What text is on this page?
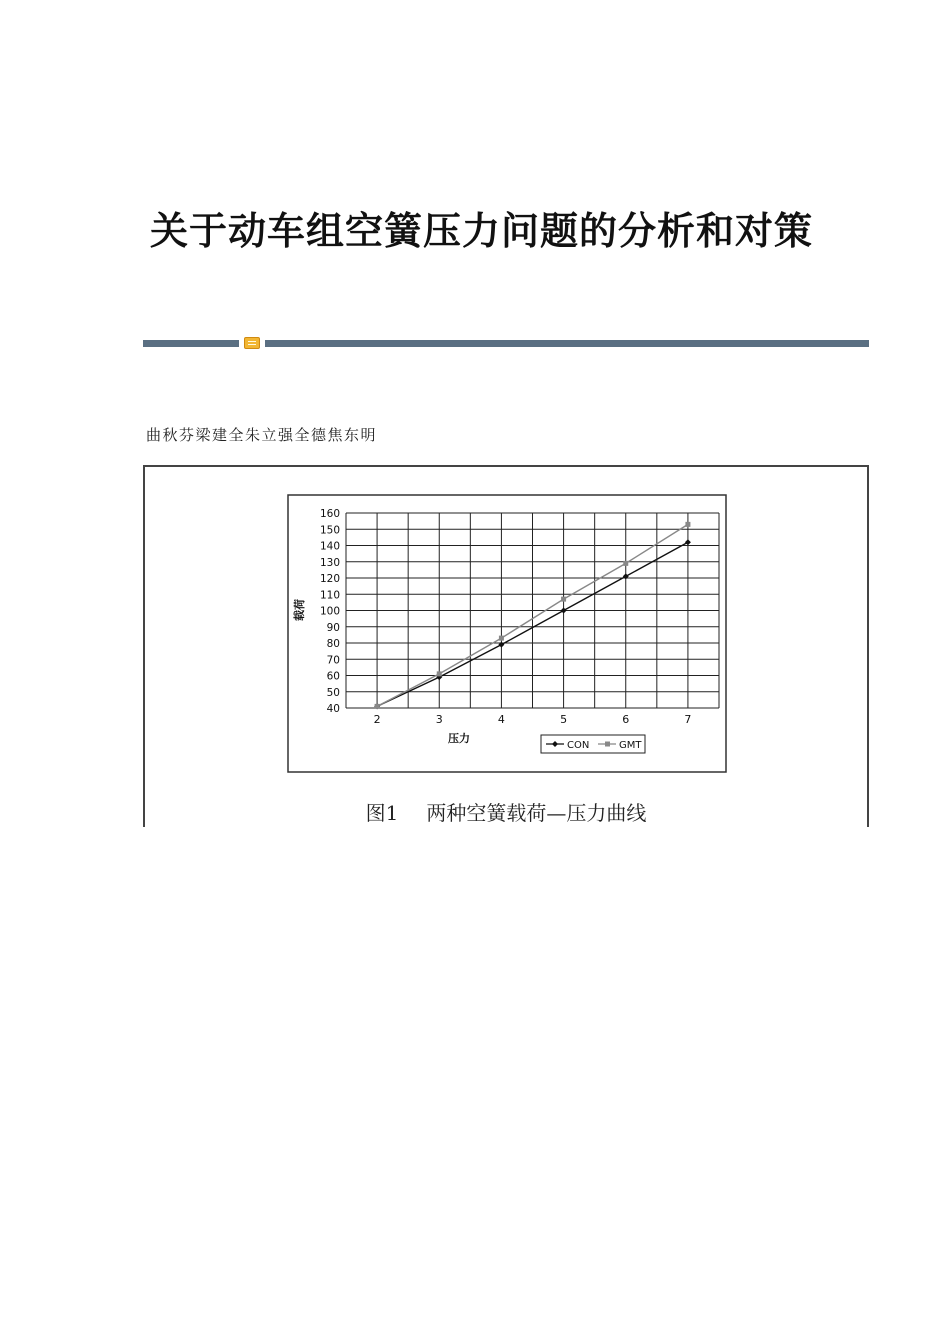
关于动车组空簧压力问题的分析和对策
曲秋芬梁建全朱立强全德焦东明
40
50
60
70
80
90
100
110
120
130
140
150
160
2	3	4	5	6	7
载荷
压力
CON	GMT
图1 两种空簧载荷—压力曲线
